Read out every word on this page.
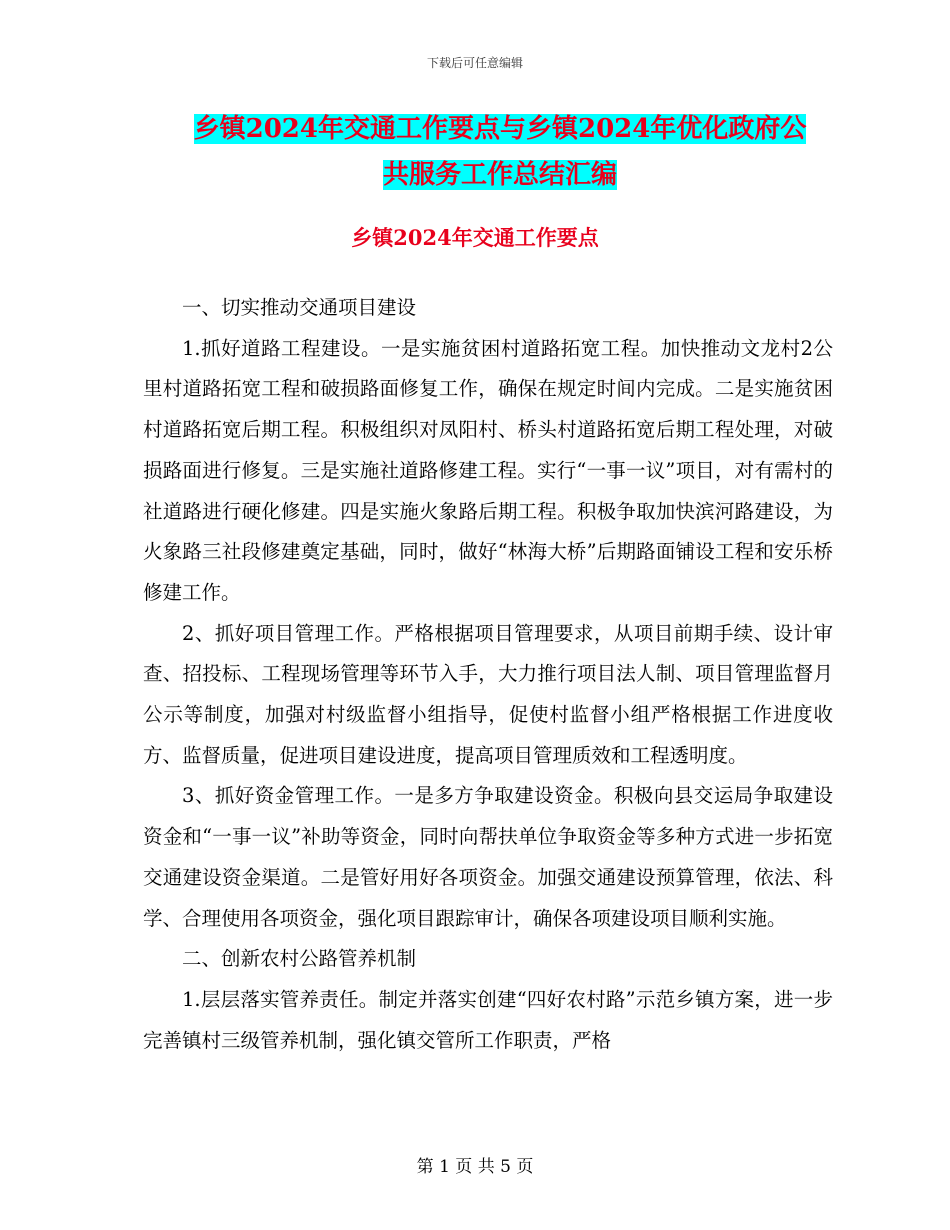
下载后可任意编辑
乡镇2024年交通工作要点与乡镇2024年优化政府公
共服务工作总结汇编
乡镇2024年交通工作要点

一、切实推动交通项目建设

1.抓好道路工程建设。一是实施贫困村道路拓宽工程。加快推动文龙村2公里村道路拓宽工程和破损路面修复工作，确保在规定时间内完成。二是实施贫困村道路拓宽后期工程。积极组织对凤阳村、桥头村道路拓宽后期工程处理，对破损路面进行修复。三是实施社道路修建工程。实行“一事一议”项目，对有需村的社道路进行硬化修建。四是实施火象路后期工程。积极争取加快滨河路建设，为火象路三社段修建奠定基础，同时，做好“林海大桥”后期路面铺设工程和安乐桥修建工作。

2、抓好项目管理工作。严格根据项目管理要求，从项目前期手续、设计审查、招投标、工程现场管理等环节入手，大力推行项目法人制、项目管理监督月公示等制度，加强对村级监督小组指导，促使村监督小组严格根据工作进度收方、监督质量，促进项目建设进度，提高项目管理质效和工程透明度。

3、抓好资金管理工作。一是多方争取建设资金。积极向县交运局争取建设资金和“一事一议”补助等资金，同时向帮扶单位争取资金等多种方式进一步拓宽交通建设资金渠道。二是管好用好各项资金。加强交通建设预算管理，依法、科学、合理使用各项资金，强化项目跟踪审计，确保各项建设项目顺利实施。

二、创新农村公路管养机制

1.层层落实管养责任。制定并落实创建“四好农村路”示范乡镇方案，进一步完善镇村三级管养机制，强化镇交管所工作职责，严格

第 1 页 共 5 页
